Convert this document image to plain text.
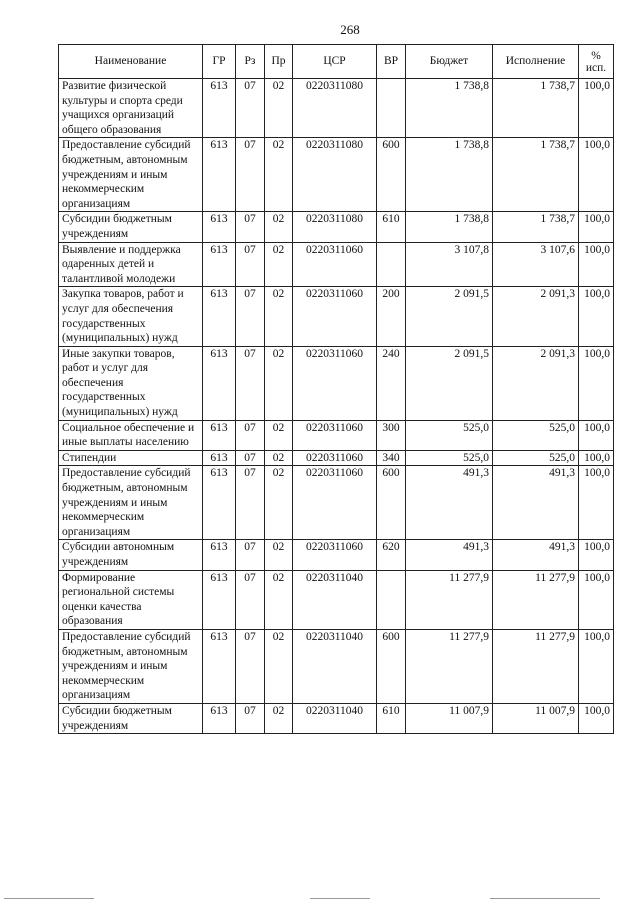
268
Наименование	ГР	Рз	Пр	ЦСР	ВР	Бюджет	Исполнение	%
исп.
Развитие физической культуры и спорта среди учащихся организаций общего образования	613	07	02	0220311080		1 738,8	1 738,7	100,0
Предоставление субсидий бюджетным, автономным учреждениям и иным некоммерческим организациям	613	07	02	0220311080	600	1 738,8	1 738,7	100,0
Субсидии бюджетным учреждениям	613	07	02	0220311080	610	1 738,8	1 738,7	100,0
Выявление и поддержка одаренных детей и талантливой молодежи	613	07	02	0220311060		3 107,8	3 107,6	100,0
Закупка товаров, работ и услуг для обеспечения государственных (муниципальных) нужд	613	07	02	0220311060	200	2 091,5	2 091,3	100,0
Иные закупки товаров, работ и услуг для обеспечения государственных (муниципальных) нужд	613	07	02	0220311060	240	2 091,5	2 091,3	100,0
Социальное обеспечение и иные выплаты населению	613	07	02	0220311060	300	525,0	525,0	100,0
Стипендии	613	07	02	0220311060	340	525,0	525,0	100,0
Предоставление субсидий бюджетным, автономным учреждениям и иным некоммерческим организациям	613	07	02	0220311060	600	491,3	491,3	100,0
Субсидии автономным учреждениям	613	07	02	0220311060	620	491,3	491,3	100,0
Формирование региональной системы оценки качества образования	613	07	02	0220311040		11 277,9	11 277,9	100,0
Предоставление субсидий бюджетным, автономным учреждениям и иным некоммерческим организациям	613	07	02	0220311040	600	11 277,9	11 277,9	100,0
Субсидии бюджетным учреждениям	613	07	02	0220311040	610	11 007,9	11 007,9	100,0
